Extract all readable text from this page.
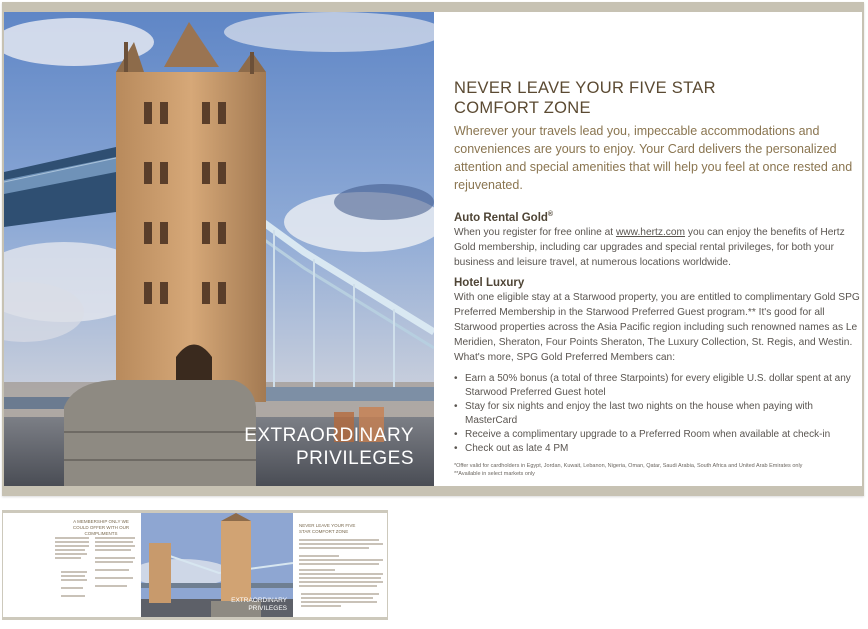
EXTRAORDINARY
PRIVILEGES
NEVER LEAVE YOUR FIVE STAR
COMFORT ZONE
Wherever your travels lead you, impeccable accommodations and conveniences are yours to enjoy. Your Card delivers the personalized attention and special amenities that will help you feel at once rested and rejuvenated.
Auto Rental Gold®
When you register for free online at www.hertz.com you can enjoy the benefits of Hertz Gold membership, including car upgrades and special rental privileges, for both your business and leisure travel, at numerous locations worldwide.
Hotel Luxury
With one eligible stay at a Starwood property, you are entitled to complimentary Gold SPG Preferred Membership in the Starwood Preferred Guest program.** It's good for all Starwood properties across the Asia Pacific region including such renowned names as Le Meridien, Sheraton, Four Points Sheraton, The Luxury Collection, St. Regis, and Westin. What's more, SPG Gold Preferred Members can:
• Earn a 50% bonus (a total of three Starpoints) for every eligible U.S. dollar spent at any Starwood Preferred Guest hotel
• Stay for six nights and enjoy the last two nights on the house when paying with MasterCard
• Receive a complimentary upgrade to a Preferred Room when available at check-in
• Check out as late 4 PM
*Offer valid for cardholders in Egypt, Jordan, Kuwait, Lebanon, Nigeria, Oman, Qatar, Saudi Arabia, South Africa and United Arab Emirates only
**Available in select markets only
A MEMBERSHIP ONLY WE COULD OFFER WITH OUR COMPLIMENTS
EXTRAORDINARY
PRIVILEGES
NEVER LEAVE YOUR FIVE STAR COMFORT ZONE
